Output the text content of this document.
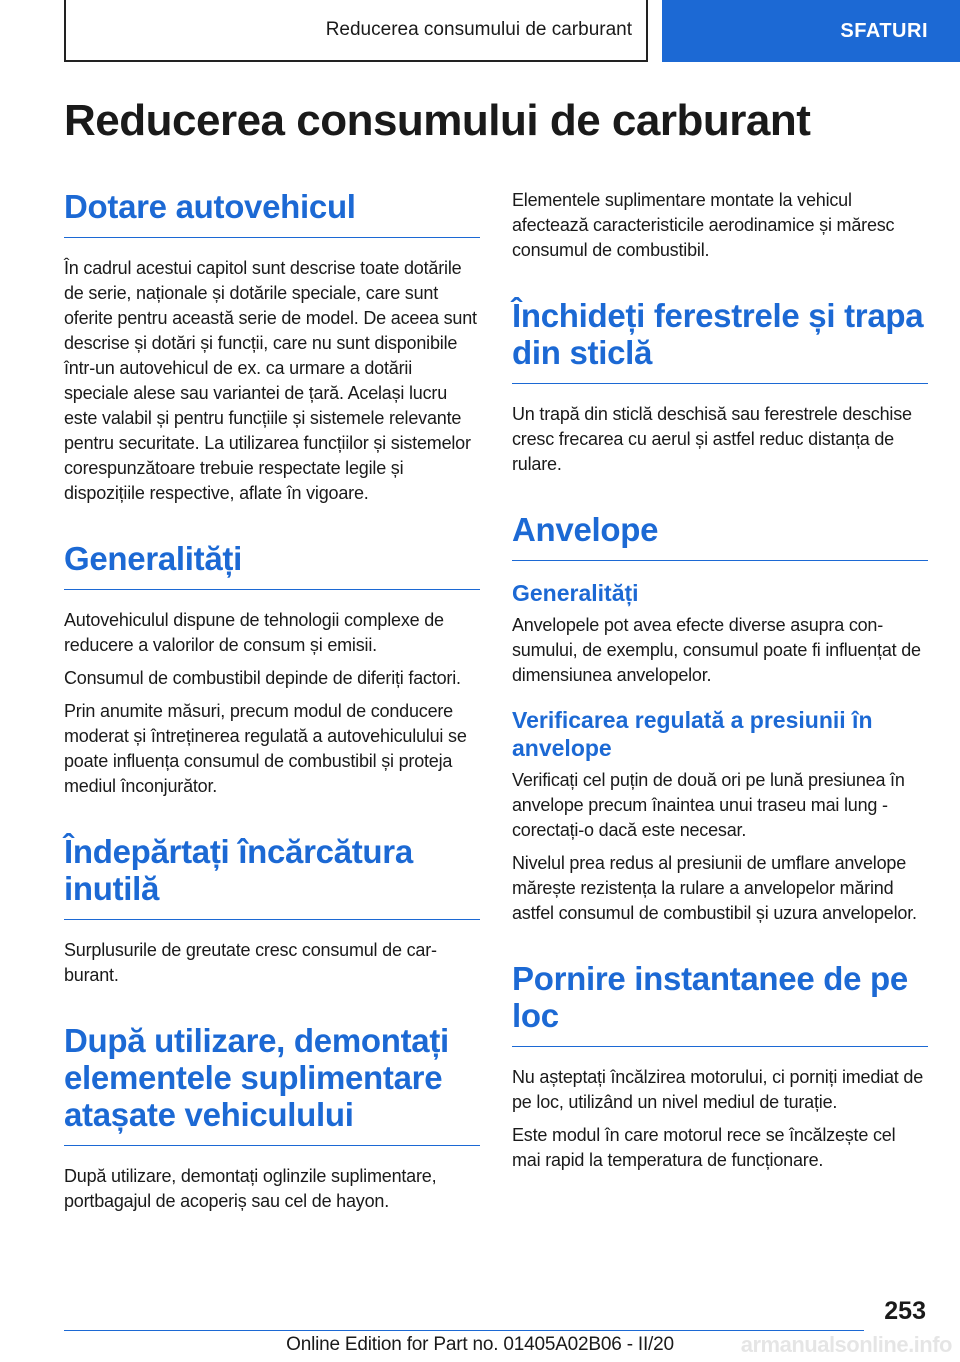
Reducerea consumului de carburant	SFATURI
Reducerea consumului de carburant
Dotare autovehicul

În cadrul acestui capitol sunt descrise toate dotările de serie, naționale și dotările speciale, care sunt oferite pentru această serie de model. De aceea sunt descrise și dotări și funcții, care nu sunt disponibile într-un autovehicul de ex. ca urmare a dotării speciale alese sau variantei de țară. Același lucru este valabil și pentru funcțiile și sistemele relevante pentru securitate. La utilizarea funcțiilor și sistemelor corespunzătoare trebuie respectate legile și dispozițiile respective, aflate în vigoare.

Generalități

Autovehiculul dispune de tehnologii complexe de reducere a valorilor de consum și emisii.

Consumul de combustibil depinde de diferiți factori.

Prin anumite măsuri, precum modul de conducere moderat și întreținerea regulată a autovehiculului se poate influența consumul de combustibil și proteja mediul înconjurător.

Îndepărtați încărcătura inutilă

Surplusurile de greutate cresc consumul de carburant.

După utilizare, demontați elementele suplimentare atașate vehiculului

După utilizare, demontați oglinzile suplimentare, portbagajul de acoperiș sau cel de hayon.

Elementele suplimentare montate la vehicul afectează caracteristicile aerodinamice și măresc consumul de combustibil.

Închideți ferestrele și trapa din sticlă

Un trapă din sticlă deschisă sau ferestrele deschise cresc frecarea cu aerul și astfel reduc distanța de rulare.

Anvelope
Generalități

Anvelopele pot avea efecte diverse asupra consumului, de exemplu, consumul poate fi influențat de dimensiunea anvelopelor.

Verificarea regulată a presiunii în anvelope

Verificați cel puțin de două ori pe lună presiunea în anvelope precum înaintea unui traseu mai lung - corectați-o dacă este necesar.

Nivelul prea redus al presiunii de umflare anvelope mărește rezistența la rulare a anvelopelor mărind astfel consumul de combustibil și uzura anvelopelor.

Pornire instantanee de pe loc

Nu așteptați încălzirea motorului, ci porniți imediat de pe loc, utilizând un nivel mediul de turație.

Este modul în care motorul rece se încălzește cel mai rapid la temperatura de funcționare.

253
Online Edition for Part no. 01405A02B06 - II/20	armanualsonline.info
